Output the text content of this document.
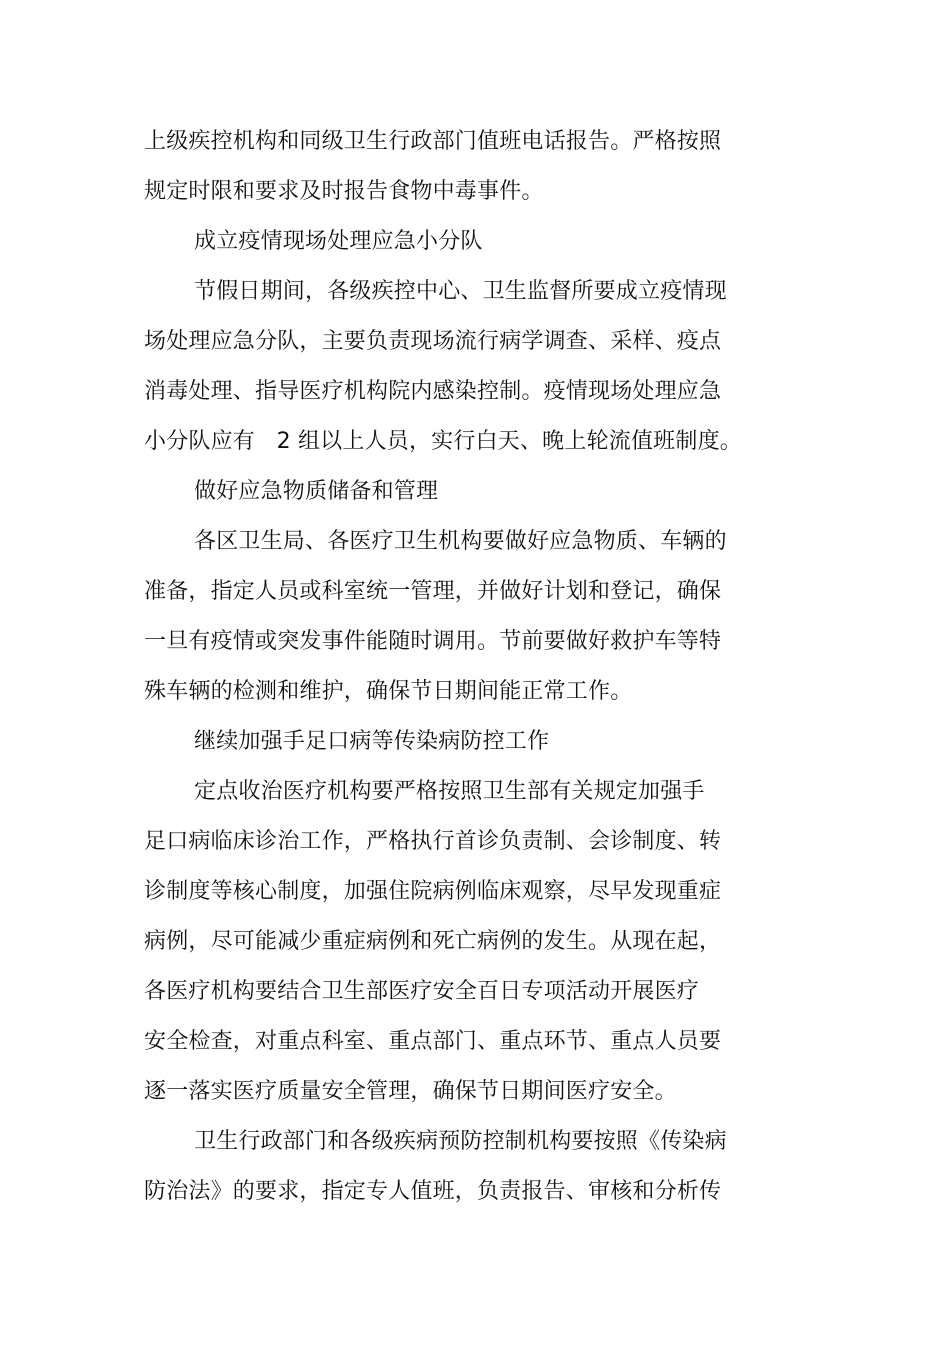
上级疾控机构和同级卫生行政部门值班电话报告。严格按照
规定时限和要求及时报告食物中毒事件。
成立疫情现场处理应急小分队
节假日期间，各级疾控中心、卫生监督所要成立疫情现
场处理应急分队，主要负责现场流行病学调查、采样、疫点
消毒处理、指导医疗机构院内感染控制。疫情现场处理应急
小分队应有   2 组以上人员，实行白天、晚上轮流值班制度。
做好应急物质储备和管理
各区卫生局、各医疗卫生机构要做好应急物质、车辆的
准备，指定人员或科室统一管理，并做好计划和登记，确保
一旦有疫情或突发事件能随时调用。节前要做好救护车等特
殊车辆的检测和维护，确保节日期间能正常工作。
继续加强手足口病等传染病防控工作
定点收治医疗机构要严格按照卫生部有关规定加强手
足口病临床诊治工作，严格执行首诊负责制、会诊制度、转
诊制度等核心制度，加强住院病例临床观察，尽早发现重症
病例，尽可能减少重症病例和死亡病例的发生。从现在起，
各医疗机构要结合卫生部医疗安全百日专项活动开展医疗
安全检查，对重点科室、重点部门、重点环节、重点人员要
逐一落实医疗质量安全管理，确保节日期间医疗安全。
卫生行政部门和各级疾病预防控制机构要按照《传染病
防治法》的要求，指定专人值班，负责报告、审核和分析传
